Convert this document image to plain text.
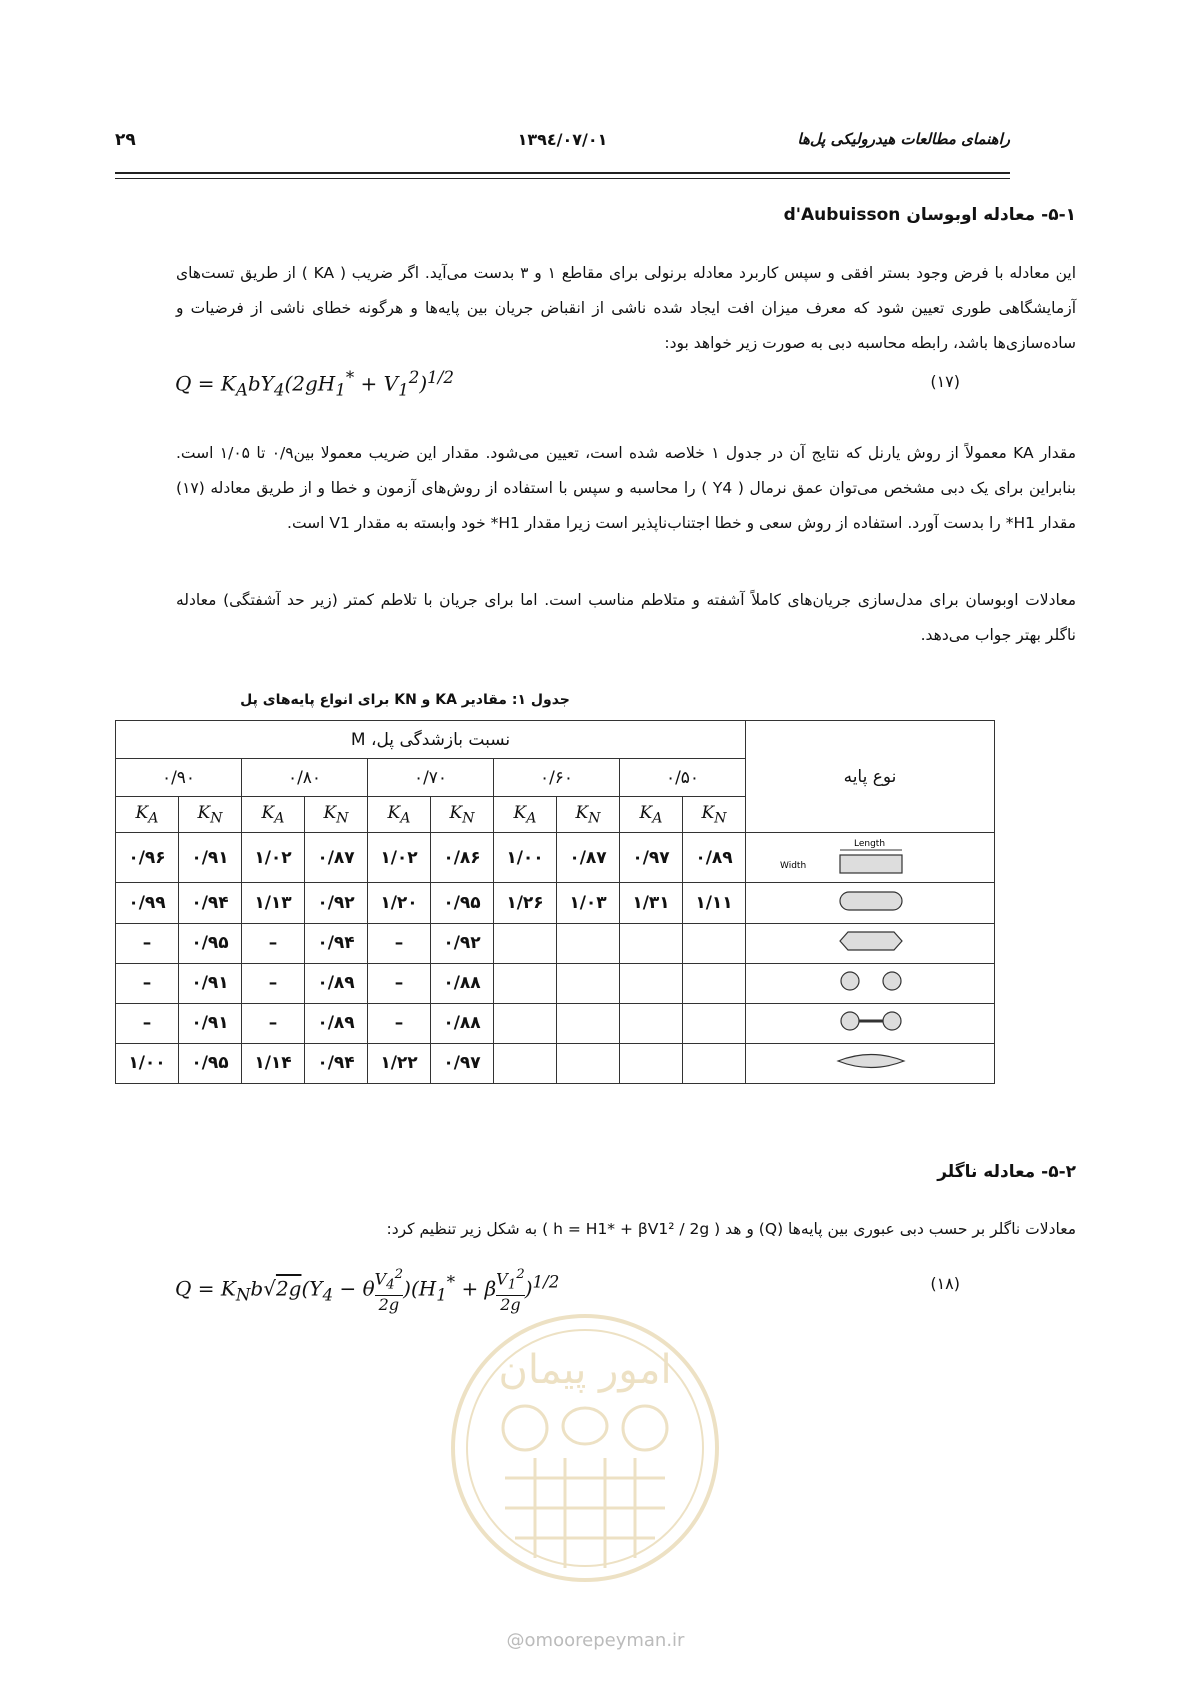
۲۹	۱۳۹٤/۰۷/۰۱	راهنمای مطالعات هیدرولیکی پل‌ها
۵-۱- معادله اوبوسان d'Aubuisson

این معادله با فرض وجود بستر افقی و سپس کاربرد معادله برنولی برای مقاطع ۱ و ۳ بدست می‌آید. اگر ضریب ( KA ) از طریق تست‌های آزمایشگاهی طوری تعیین شود که معرف میزان افت ایجاد شده ناشی از انقباض جریان بین پایه‌ها و هرگونه خطای ناشی از فرضیات و ساده‌سازی‌ها باشد، رابطه محاسبه دبی به صورت زیر خواهد بود:

$Q = K_AbY_4(2gH_1^* + V_1^2)^{1/2}$	(۱۷)

مقدار KA معمولاً از روش یارنل که نتایج آن در جدول ۱ خلاصه شده است، تعیین می‌شود. مقدار این ضریب معمولا بین۰/۹ تا ۱/۰۵ است. بنابراین برای یک دبی مشخص می‌توان عمق نرمال ( Y4 ) را محاسبه و سپس با استفاده از روش‌های آزمون و خطا و از طریق معادله (۱۷) مقدار H1* را بدست آورد. استفاده از روش سعی و خطا اجتناب‌ناپذیر است زیرا مقدار H1* خود وابسته به مقدار V1 است.

معادلات اوبوسان برای مدل‌سازی جریان‌های کاملاً آشفته و متلاطم مناسب است. اما برای جریان با تلاطم کمتر (زیر حد آشفتگی) معادله ناگلر بهتر جواب می‌دهد.

جدول ۱: مقادیر KA و KN برای انواع پایه‌های پل
نسبت بازشدگی پل، M										نوع پایه
۰/۹۰		۰/۸۰		۰/۷۰		۰/۶۰		۰/۵۰		
$K_A$	$K_N$	$K_A$	$K_N$	$K_A$	$K_N$	$K_A$	$K_N$	$K_A$	$K_N$
۰/۹۶	۰/۹۱	۱/۰۲	۰/۸۷	۱/۰۲	۰/۸۶	۱/۰۰	۰/۸۷	۰/۹۷	۰/۸۹	Length
Width

۰/۹۹	۰/۹۴	۱/۱۳	۰/۹۲	۱/۲۰	۰/۹۵	۱/۲۶	۱/۰۳	۱/۳۱	۱/۱۱	
–	۰/۹۵	–	۰/۹۴	–	۰/۹۲					
–	۰/۹۱	–	۰/۸۹	–	۰/۸۸					
–	۰/۹۱	–	۰/۸۹	–	۰/۸۸					
۱/۰۰	۰/۹۵	۱/۱۴	۰/۹۴	۱/۲۲	۰/۹۷					
۵-۲- معادله ناگلر

معادلات ناگلر بر حسب دبی عبوری بین پایه‌ها (Q) و هد ( h = H1* + βV1² / 2g ) به شکل زیر تنظیم کرد:

$Q = K_Nb√2g(Y_4 - \theta \frac{V_4^2}{2g} )(H_1^* + \beta \frac{V_1^2}{2g} )^{1/2}$	(۱۸)
امور پیمان
@omoorepeyman.ir
